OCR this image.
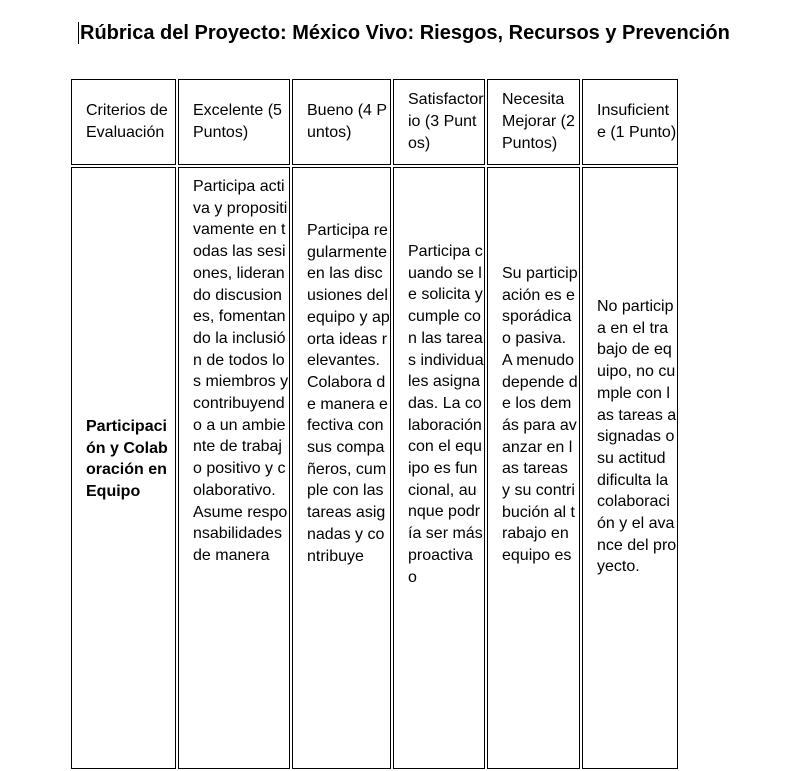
Rúbrica del Proyecto: México Vivo: Riesgos, Recursos y Prevención
Criterios de Evaluación	Excelente (5 Puntos)	Bueno (4 Puntos)	Satisfactorio (3 Puntos)	Necesita Mejorar (2 Puntos)	Insuficiente (1 Punto)

Participación y Colaboración en Equipo	Participa activa y propositivamente en todas las sesiones, liderando discusiones, fomentando la inclusión de todos los miembros y contribuyendo a un ambiente de trabajo positivo y colaborativo. Asume responsabilidades de manera	Participa regularmente en las discusiones del equipo y aporta ideas relevantes. Colabora de manera efectiva con sus compañeros, cumple con las tareas asignadas y contribuye	Participa cuando se le solicita y cumple con las tareas individuales asignadas. La colaboración con el equipo es funcional, aunque podría ser más proactiva o	Su participación es esporádica o pasiva. A menudo depende de los demás para avanzar en las tareas y su contribución al trabajo en equipo es	No participa en el trabajo de equipo, no cumple con las tareas asignadas o su actitud dificulta la colaboración y el avance del proyecto.
